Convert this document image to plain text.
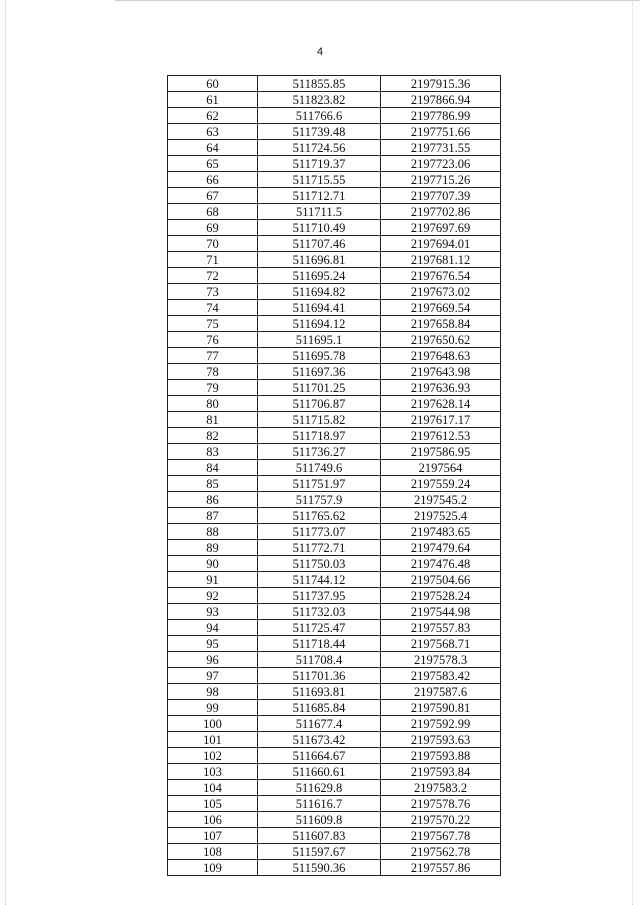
4
60	511855.85	2197915.36
61	511823.82	2197866.94
62	511766.6	2197786.99
63	511739.48	2197751.66
64	511724.56	2197731.55
65	511719.37	2197723.06
66	511715.55	2197715.26
67	511712.71	2197707.39
68	511711.5	2197702.86
69	511710.49	2197697.69
70	511707.46	2197694.01
71	511696.81	2197681.12
72	511695.24	2197676.54
73	511694.82	2197673.02
74	511694.41	2197669.54
75	511694.12	2197658.84
76	511695.1	2197650.62
77	511695.78	2197648.63
78	511697.36	2197643.98
79	511701.25	2197636.93
80	511706.87	2197628.14
81	511715.82	2197617.17
82	511718.97	2197612.53
83	511736.27	2197586.95
84	511749.6	2197564
85	511751.97	2197559.24
86	511757.9	2197545.2
87	511765.62	2197525.4
88	511773.07	2197483.65
89	511772.71	2197479.64
90	511750.03	2197476.48
91	511744.12	2197504.66
92	511737.95	2197528.24
93	511732.03	2197544.98
94	511725.47	2197557.83
95	511718.44	2197568.71
96	511708.4	2197578.3
97	511701.36	2197583.42
98	511693.81	2197587.6
99	511685.84	2197590.81
100	511677.4	2197592.99
101	511673.42	2197593.63
102	511664.67	2197593.88
103	511660.61	2197593.84
104	511629.8	2197583.2
105	511616.7	2197578.76
106	511609.8	2197570.22
107	511607.83	2197567.78
108	511597.67	2197562.78
109	511590.36	2197557.86
